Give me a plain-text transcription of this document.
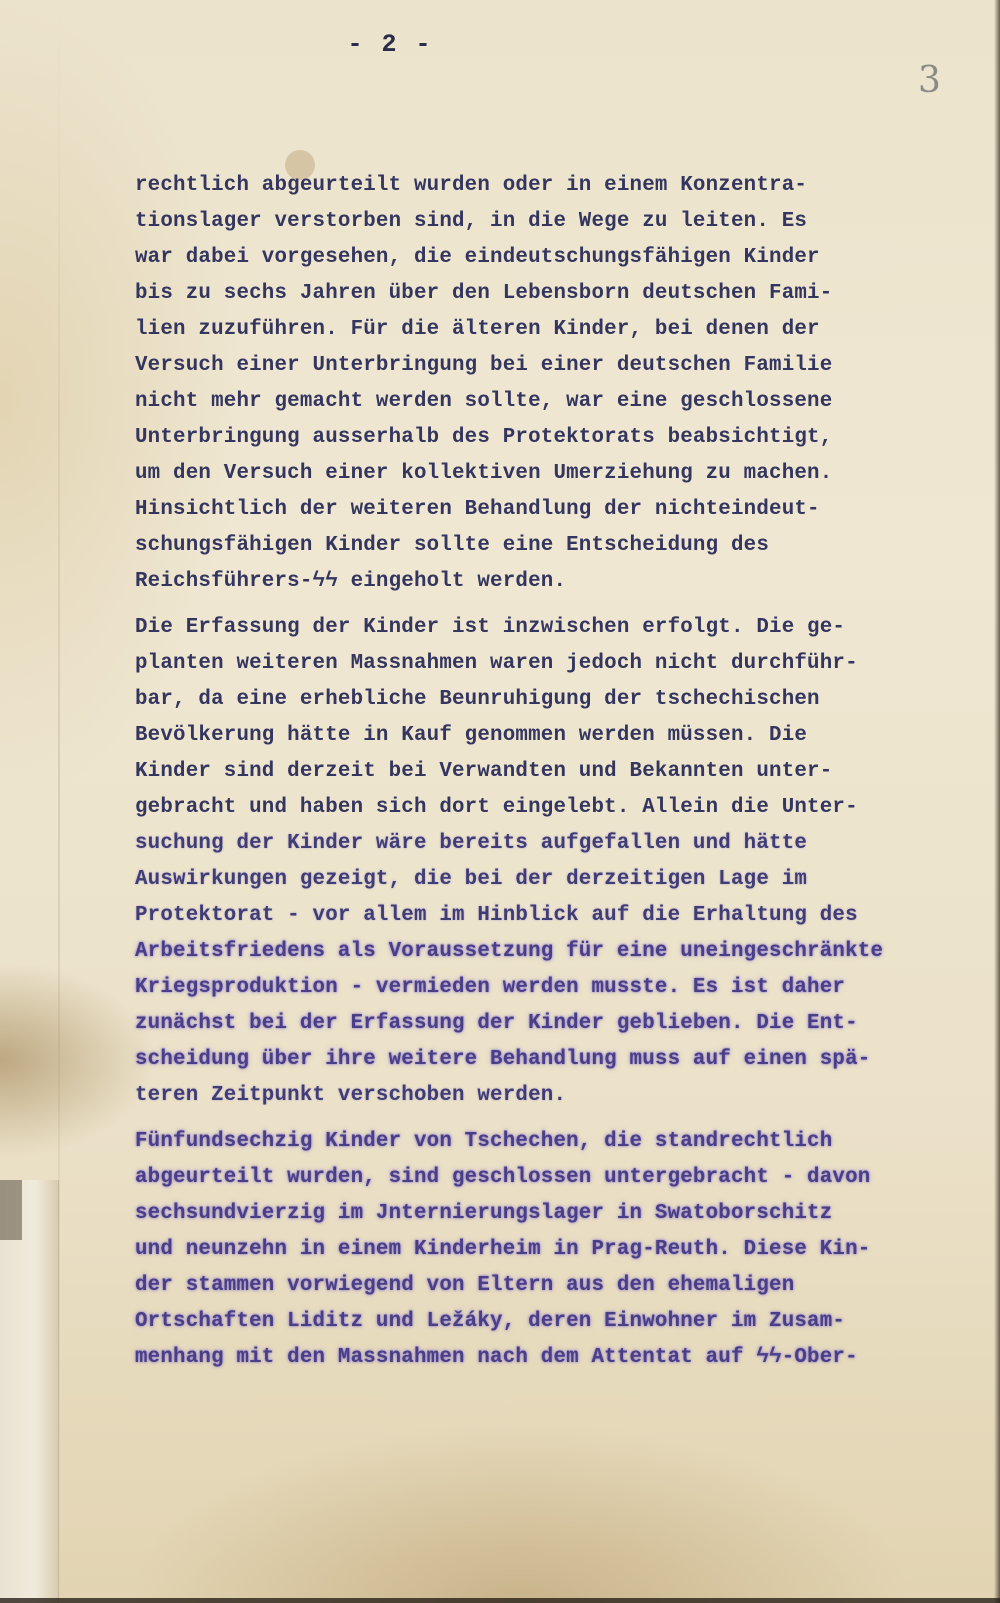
- 2 -
3
rechtlich abgeurteilt wurden oder in einem Konzentra-
tionslager verstorben sind, in die Wege zu leiten. Es
war dabei vorgesehen, die eindeutschungsfähigen Kinder
bis zu sechs Jahren über den Lebensborn deutschen Fami-
lien zuzuführen. Für die älteren Kinder, bei denen der
Versuch einer Unterbringung bei einer deutschen Familie
nicht mehr gemacht werden sollte, war eine geschlossene
Unterbringung ausserhalb des Protektorats beabsichtigt,
um den Versuch einer kollektiven Umerziehung zu machen.
Hinsichtlich der weiteren Behandlung der nichteindeut-
schungsfähigen Kinder sollte eine Entscheidung des
Reichsführers-ϟϟ eingeholt werden.
Die Erfassung der Kinder ist inzwischen erfolgt. Die ge-
planten weiteren Massnahmen waren jedoch nicht durchführ-
bar, da eine erhebliche Beunruhigung der tschechischen
Bevölkerung hätte in Kauf genommen werden müssen. Die
Kinder sind derzeit bei Verwandten und Bekannten unter-
gebracht und haben sich dort eingelebt. Allein die Unter-
suchung der Kinder wäre bereits aufgefallen und hätte
Auswirkungen gezeigt, die bei der derzeitigen Lage im
Protektorat - vor allem im Hinblick auf die Erhaltung des
Arbeitsfriedens als Voraussetzung für eine uneingeschränkte
Kriegsproduktion - vermieden werden musste. Es ist daher
zunächst bei der Erfassung der Kinder geblieben. Die Ent-
scheidung über ihre weitere Behandlung muss auf einen spä-
teren Zeitpunkt verschoben werden.
Fünfundsechzig Kinder von Tschechen, die standrechtlich
abgeurteilt wurden, sind geschlossen untergebracht - davon
sechsundvierzig im Jnternierungslager in Swatoborschitz
und neunzehn in einem Kinderheim in Prag-Reuth. Diese Kin-
der stammen vorwiegend von Eltern aus den ehemaligen
Ortschaften Liditz und Ležáky, deren Einwohner im Zusam-
menhang mit den Massnahmen nach dem Attentat auf ϟϟ-Ober-
